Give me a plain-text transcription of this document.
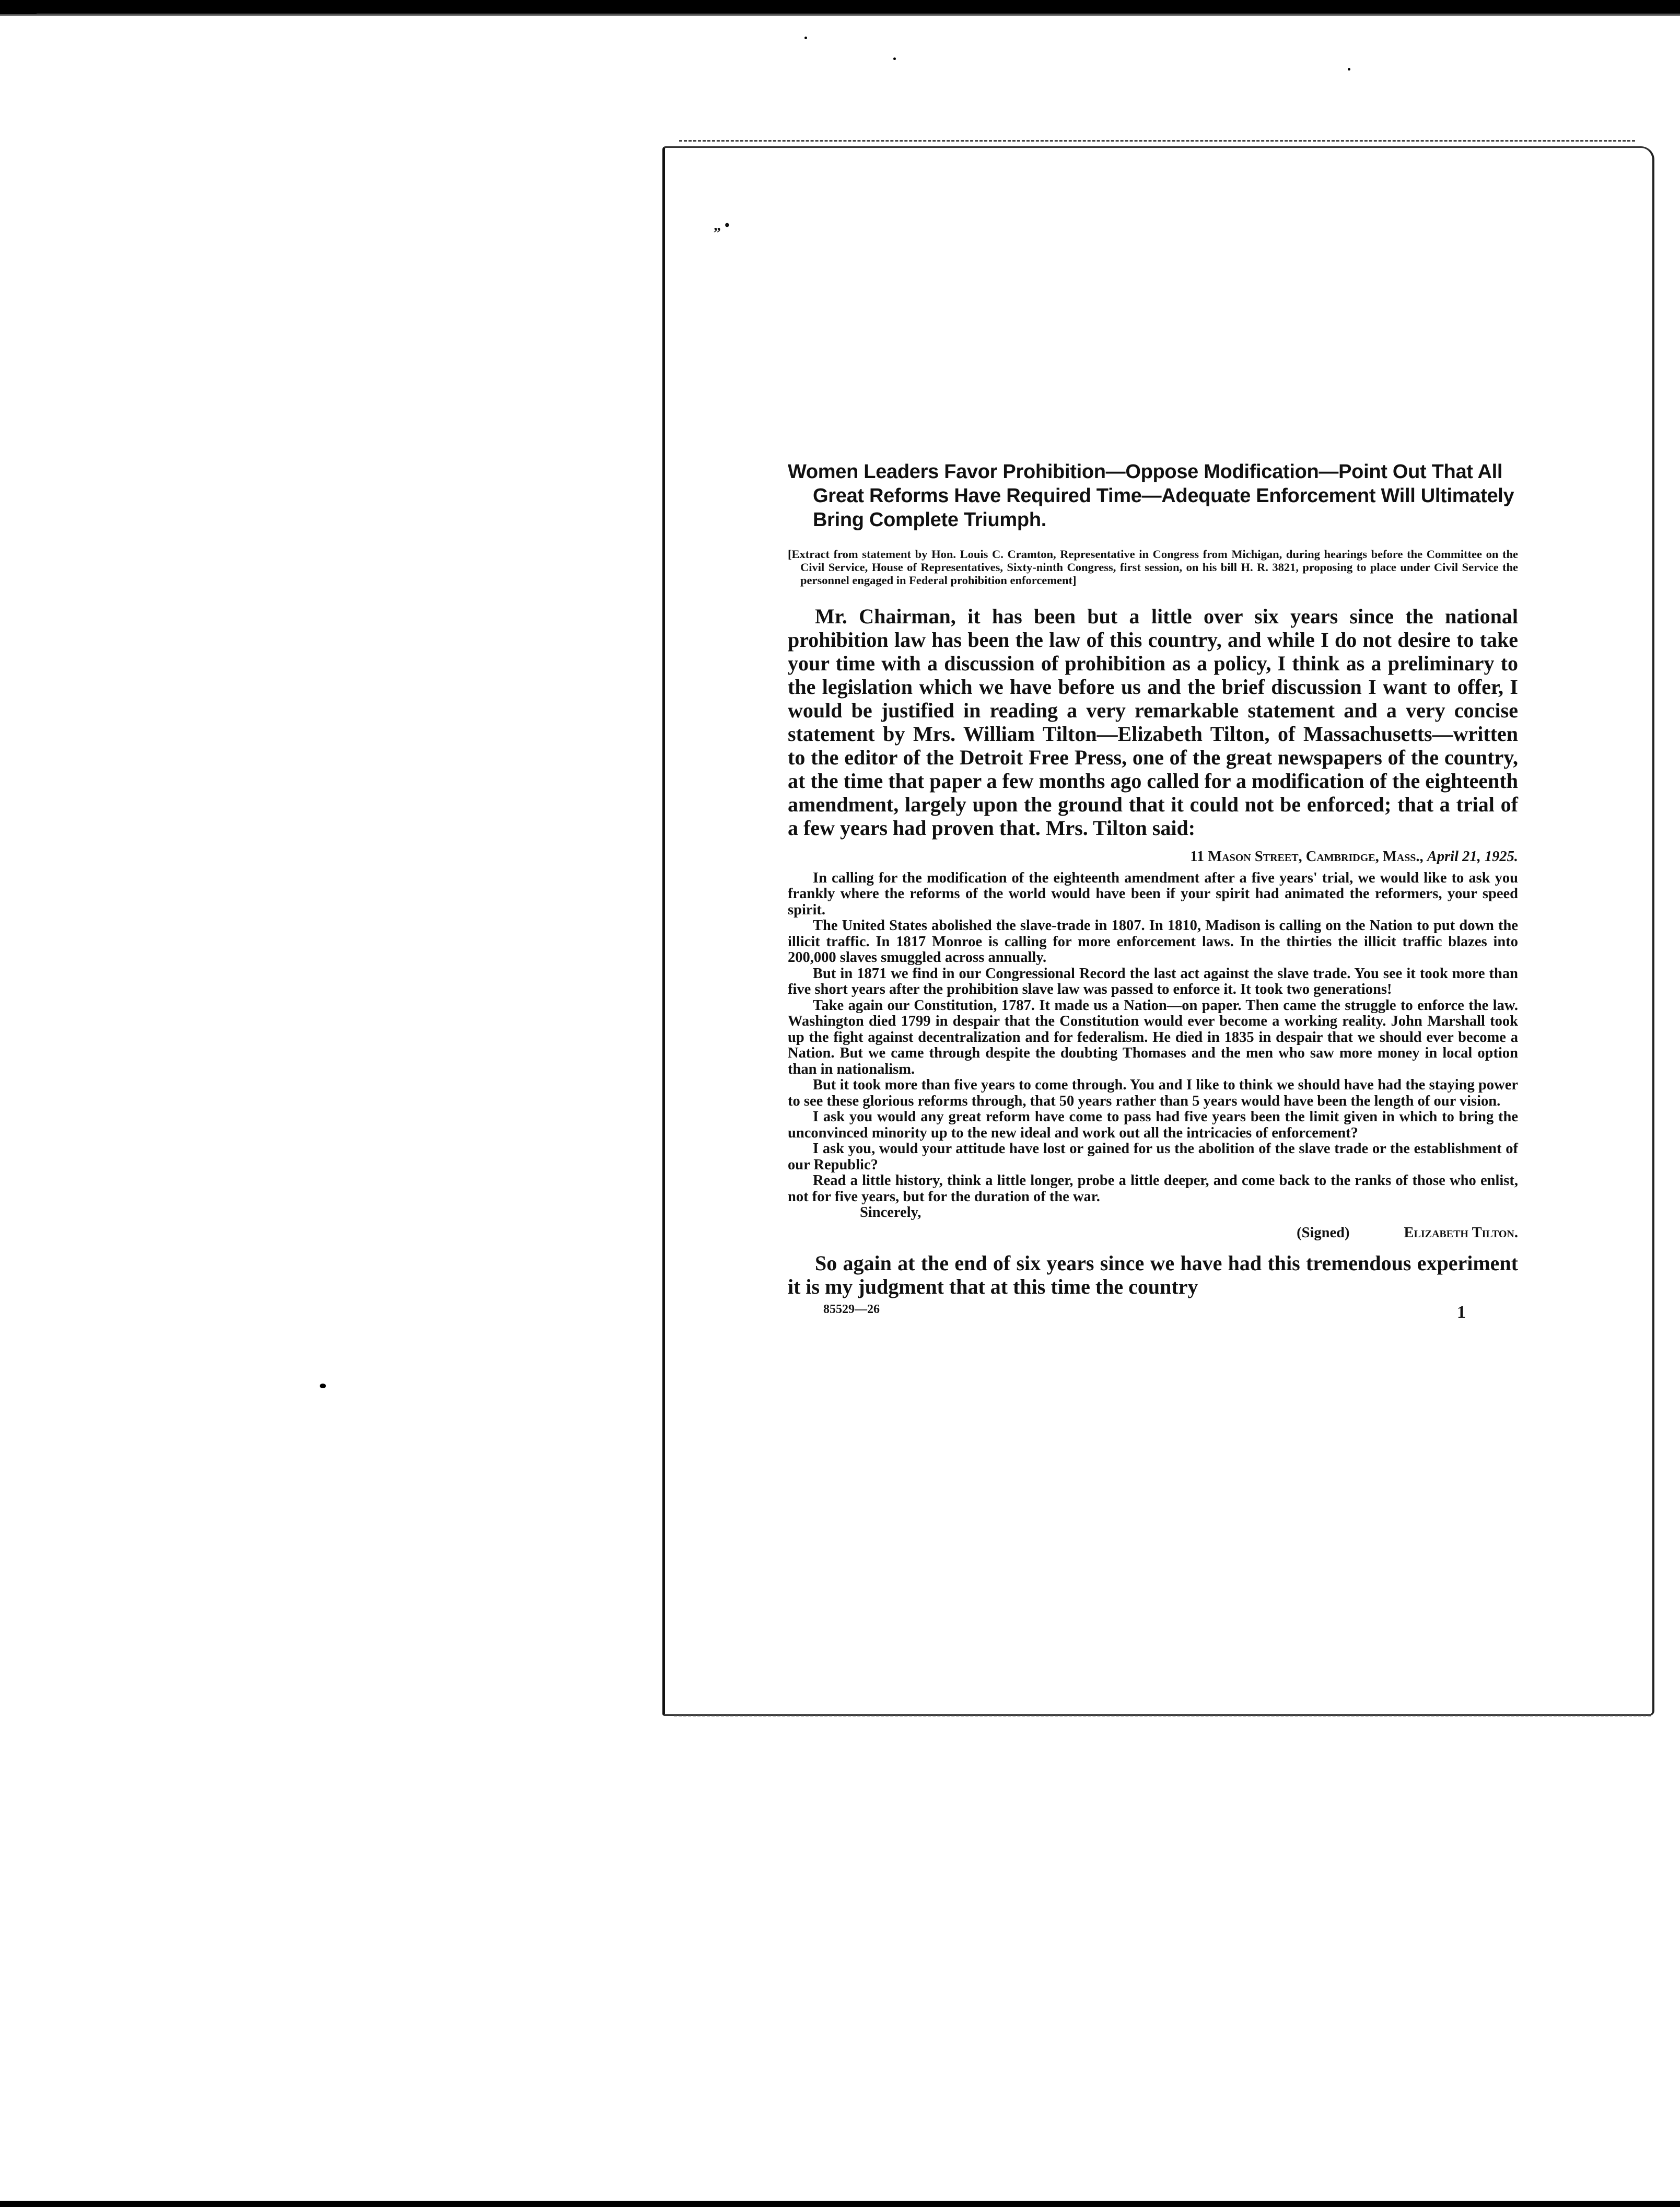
„ •
Women Leaders Favor Prohibition—Oppose Modification—Point Out That All Great Reforms Have Required Time—Adequate Enforcement Will Ultimately Bring Complete Triumph.
[Extract from statement by Hon. Louis C. Cramton, Representative in Congress from Michigan, during hearings before the Committee on the Civil Service, House of Representatives, Sixty-ninth Congress, first session, on his bill H. R. 3821, proposing to place under Civil Service the personnel engaged in Federal prohibition enforcement]
Mr. Chairman, it has been but a little over six years since the national prohibition law has been the law of this country, and while I do not desire to take your time with a discussion of prohibition as a policy, I think as a preliminary to the legislation which we have before us and the brief discussion I want to offer, I would be justified in reading a very remarkable statement and a very concise statement by Mrs. William Tilton—Elizabeth Tilton, of Massachusetts—written to the editor of the Detroit Free Press, one of the great newspapers of the country, at the time that paper a few months ago called for a modification of the eighteenth amendment, largely upon the ground that it could not be enforced; that a trial of a few years had proven that. Mrs. Tilton said:
11 Mason Street, Cambridge, Mass., April 21, 1925.

In calling for the modification of the eighteenth amendment after a five years' trial, we would like to ask you frankly where the reforms of the world would have been if your spirit had animated the reformers, your speed spirit.

The United States abolished the slave-trade in 1807. In 1810, Madison is calling on the Nation to put down the illicit traffic. In 1817 Monroe is calling for more enforcement laws. In the thirties the illicit traffic blazes into 200,000 slaves smuggled across annually.

But in 1871 we find in our Congressional Record the last act against the slave trade. You see it took more than five short years after the prohibition slave law was passed to enforce it. It took two generations!

Take again our Constitution, 1787. It made us a Nation—on paper. Then came the struggle to enforce the law. Washington died 1799 in despair that the Constitution would ever become a working reality. John Marshall took up the fight against decentralization and for federalism. He died in 1835 in despair that we should ever become a Nation. But we came through despite the doubting Thomases and the men who saw more money in local option than in nationalism.

But it took more than five years to come through. You and I like to think we should have had the staying power to see these glorious reforms through, that 50 years rather than 5 years would have been the length of our vision.

I ask you would any great reform have come to pass had five years been the limit given in which to bring the unconvinced minority up to the new ideal and work out all the intricacies of enforcement?

I ask you, would your attitude have lost or gained for us the abolition of the slave trade or the establishment of our Republic?

Read a little history, think a little longer, probe a little deeper, and come back to the ranks of those who enlist, not for five years, but for the duration of the war.

Sincerely,

(Signed)	Elizabeth Tilton.
So again at the end of six years since we have had this tremendous experiment it is my judgment that at this time the country
85529—26	1
